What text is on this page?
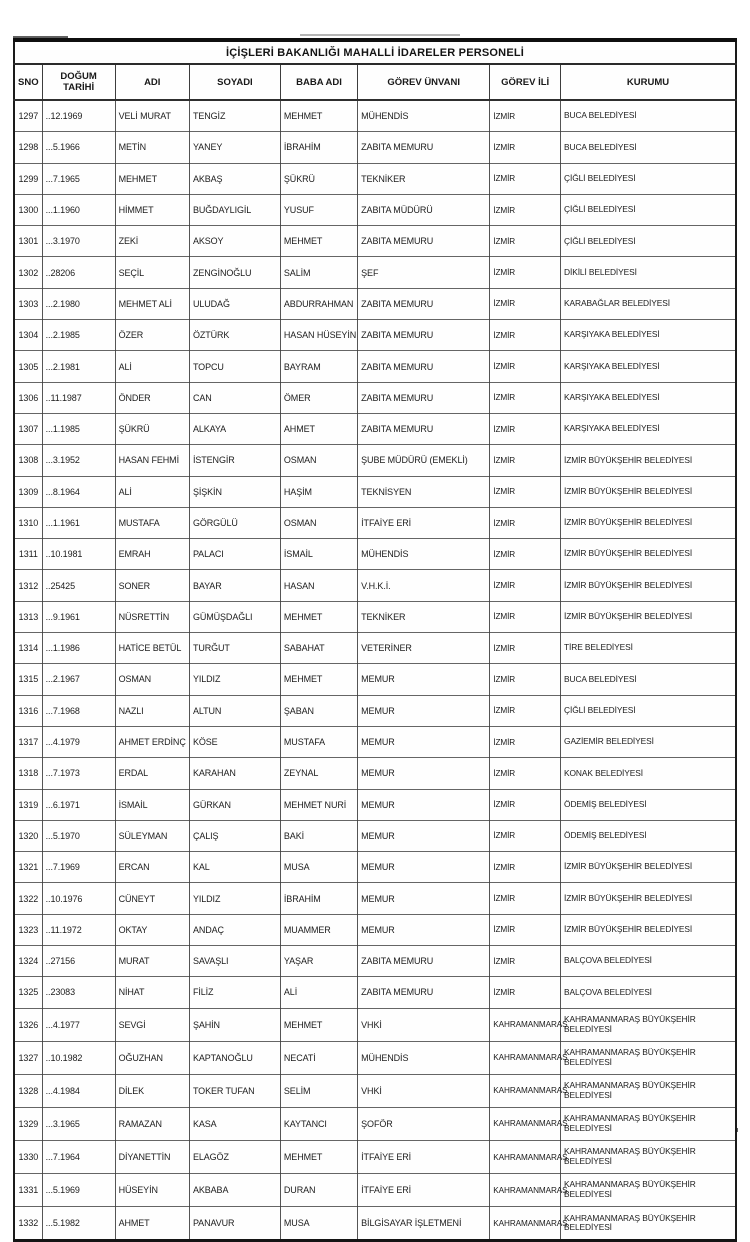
İÇİŞLERİ BAKANLIĞI MAHALLİ İDARELER PERSONELİ							
SNO	DOĞUM TARİHİ	ADI	SOYADI	BABA ADI	GÖREV ÜNVANI	GÖREV İLİ	KURUMU
1297	..12.1969	VELİ MURAT	TENGİZ	MEHMET	MÜHENDİS	İZMİR	BUCA BELEDİYESİ
1298	...5.1966	METİN	YANEY	İBRAHİM	ZABITA MEMURU	İZMİR	BUCA BELEDİYESİ
1299	...7.1965	MEHMET	AKBAŞ	ŞÜKRÜ	TEKNİKER	İZMİR	ÇİĞLİ BELEDİYESİ
1300	...1.1960	HİMMET	BUĞDAYLIGİL	YUSUF	ZABITA MÜDÜRÜ	İZMİR	ÇİĞLİ BELEDİYESİ
1301	...3.1970	ZEKİ	AKSOY	MEHMET	ZABITA MEMURU	İZMİR	ÇİĞLİ BELEDİYESİ
1302	..28206	SEÇİL	ZENGİNOĞLU	SALİM	ŞEF	İZMİR	DİKİLİ BELEDİYESİ
1303	...2.1980	MEHMET ALİ	ULUDAĞ	ABDURRAHMAN	ZABITA MEMURU	İZMİR	KARABAĞLAR BELEDİYESİ
1304	...2.1985	ÖZER	ÖZTÜRK	HASAN HÜSEYİN	ZABITA MEMURU	İZMİR	KARŞIYAKA BELEDİYESİ
1305	...2.1981	ALİ	TOPCU	BAYRAM	ZABITA MEMURU	İZMİR	KARŞIYAKA BELEDİYESİ
1306	..11.1987	ÖNDER	CAN	ÖMER	ZABITA MEMURU	İZMİR	KARŞIYAKA BELEDİYESİ
1307	...1.1985	ŞÜKRÜ	ALKAYA	AHMET	ZABITA MEMURU	İZMİR	KARŞIYAKA BELEDİYESİ
1308	...3.1952	HASAN FEHMİ	İSTENGİR	OSMAN	ŞUBE MÜDÜRÜ (EMEKLİ)	İZMİR	İZMİR BÜYÜKŞEHİR BELEDİYESİ
1309	...8.1964	ALİ	ŞİŞKİN	HAŞİM	TEKNİSYEN	İZMİR	İZMİR BÜYÜKŞEHİR BELEDİYESİ
1310	...1.1961	MUSTAFA	GÖRGÜLÜ	OSMAN	İTFAİYE ERİ	İZMİR	İZMİR BÜYÜKŞEHİR BELEDİYESİ
1311	..10.1981	EMRAH	PALACI	İSMAİL	MÜHENDİS	İZMİR	İZMİR BÜYÜKŞEHİR BELEDİYESİ
1312	..25425	SONER	BAYAR	HASAN	V.H.K.İ.	İZMİR	İZMİR BÜYÜKŞEHİR BELEDİYESİ
1313	...9.1961	NÜSRETTİN	GÜMÜŞDAĞLI	MEHMET	TEKNİKER	İZMİR	İZMİR BÜYÜKŞEHİR BELEDİYESİ
1314	...1.1986	HATİCE BETÜL	TURĞUT	SABAHAT	VETERİNER	İZMİR	TİRE BELEDİYESİ
1315	...2.1967	OSMAN	YILDIZ	MEHMET	MEMUR	İZMİR	BUCA BELEDİYESİ
1316	...7.1968	NAZLI	ALTUN	ŞABAN	MEMUR	İZMİR	ÇİĞLİ BELEDİYESİ
1317	...4.1979	AHMET ERDİNÇ	KÖSE	MUSTAFA	MEMUR	İZMİR	GAZİEMİR BELEDİYESİ
1318	...7.1973	ERDAL	KARAHAN	ZEYNAL	MEMUR	İZMİR	KONAK BELEDİYESİ
1319	...6.1971	İSMAİL	GÜRKAN	MEHMET NURİ	MEMUR	İZMİR	ÖDEMİŞ BELEDİYESİ
1320	...5.1970	SÜLEYMAN	ÇALIŞ	BAKİ	MEMUR	İZMİR	ÖDEMİŞ BELEDİYESİ
1321	...7.1969	ERCAN	KAL	MUSA	MEMUR	İZMİR	İZMİR BÜYÜKŞEHİR BELEDİYESİ
1322	..10.1976	CÜNEYT	YILDIZ	İBRAHİM	MEMUR	İZMİR	İZMİR BÜYÜKŞEHİR BELEDİYESİ
1323	..11.1972	OKTAY	ANDAÇ	MUAMMER	MEMUR	İZMİR	İZMİR BÜYÜKŞEHİR BELEDİYESİ
1324	..27156	MURAT	SAVAŞLI	YAŞAR	ZABITA MEMURU	İZMİR	BALÇOVA BELEDİYESİ
1325	..23083	NİHAT	FİLİZ	ALİ	ZABITA MEMURU	İZMİR	BALÇOVA BELEDİYESİ
1326	...4.1977	SEVGİ	ŞAHİN	MEHMET	VHKİ	KAHRAMANMARAŞ	KAHRAMANMARAŞ BÜYÜKŞEHİR BELEDİYESİ
1327	..10.1982	OĞUZHAN	KAPTANOĞLU	NECATİ	MÜHENDİS	KAHRAMANMARAŞ	KAHRAMANMARAŞ BÜYÜKŞEHİR BELEDİYESİ
1328	...4.1984	DİLEK	TOKER TUFAN	SELİM	VHKİ	KAHRAMANMARAŞ	KAHRAMANMARAŞ BÜYÜKŞEHİR BELEDİYESİ
1329	...3.1965	RAMAZAN	KASA	KAYTANCI	ŞOFÖR	KAHRAMANMARAŞ	KAHRAMANMARAŞ BÜYÜKŞEHİR BELEDİYESİ
1330	...7.1964	DİYANETTİN	ELAGÖZ	MEHMET	İTFAİYE ERİ	KAHRAMANMARAŞ	KAHRAMANMARAŞ BÜYÜKŞEHİR BELEDİYESİ
1331	...5.1969	HÜSEYİN	AKBABA	DURAN	İTFAİYE ERİ	KAHRAMANMARAŞ	KAHRAMANMARAŞ BÜYÜKŞEHİR BELEDİYESİ
1332	...5.1982	AHMET	PANAVUR	MUSA	BİLGİSAYAR İŞLETMENİ	KAHRAMANMARAŞ	KAHRAMANMARAŞ BÜYÜKŞEHİR BELEDİYESİ
